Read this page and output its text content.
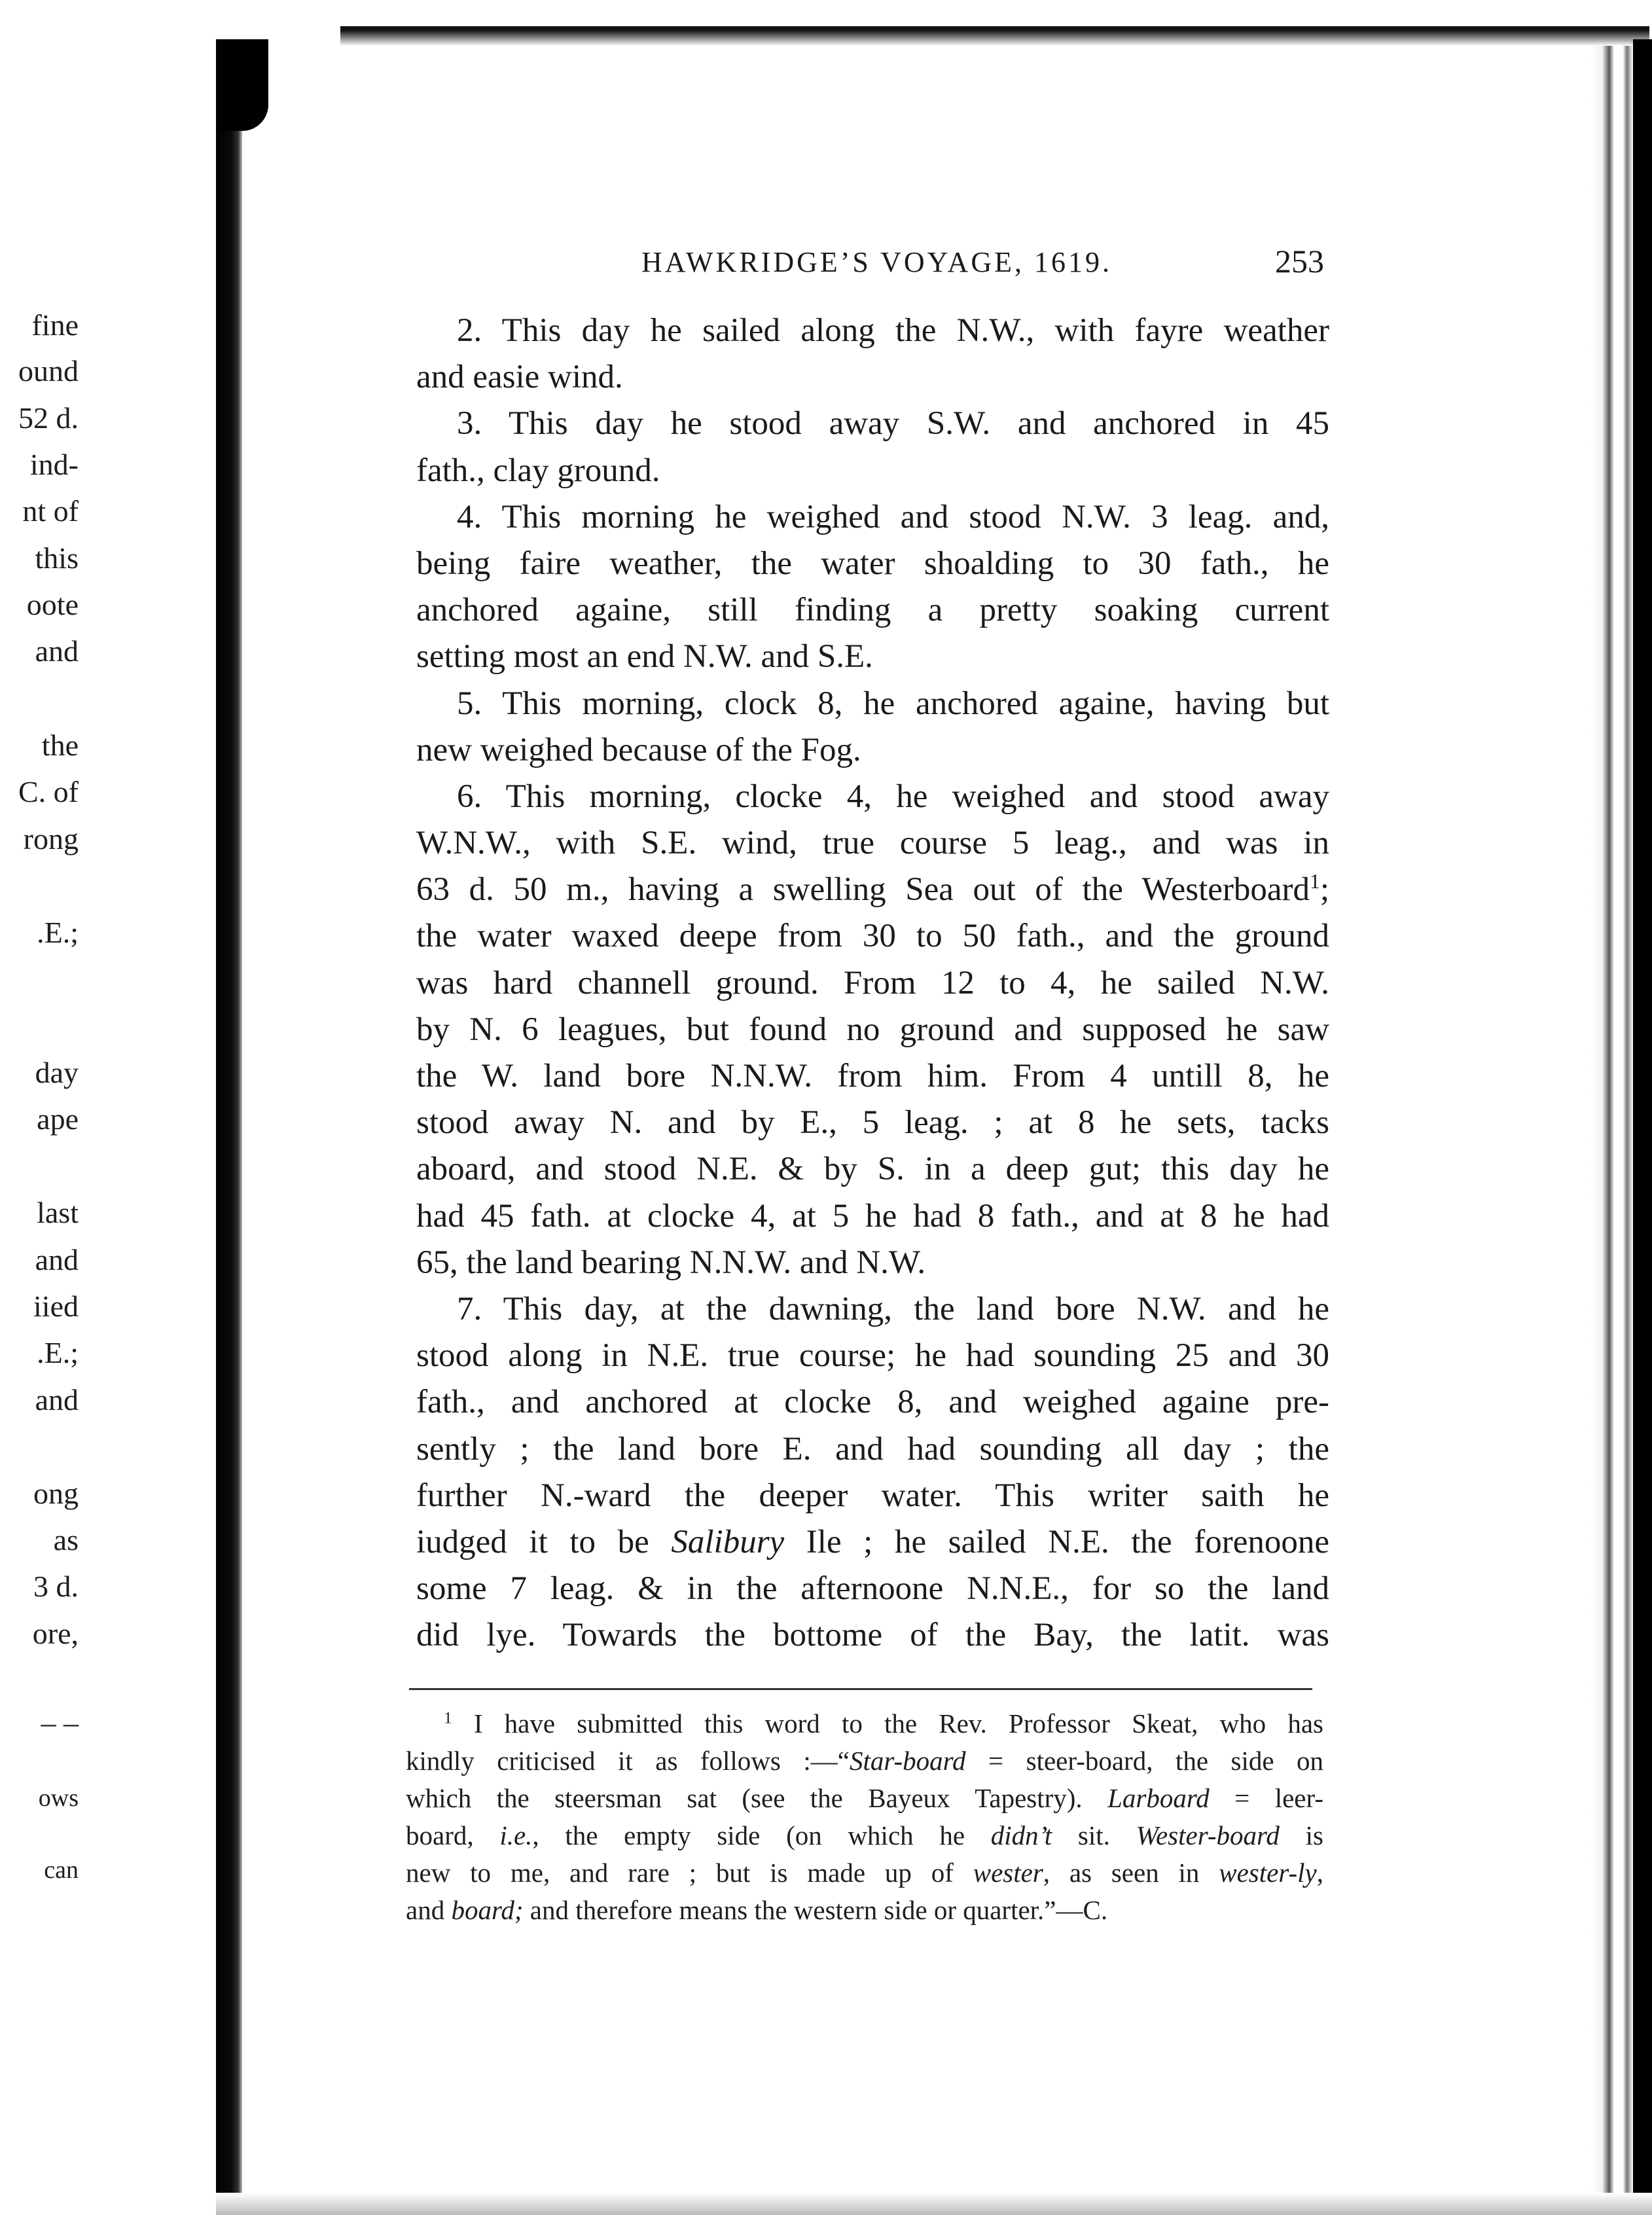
fine
ound
52 d.
ind-
nt of
this
oote
and
the
C. of
rong
.E.;
day
ape
last
and
iied
.E.;
and
ong
as
3 d.
ore,
– –
ows
can
HAWKRIDGE’S VOYAGE, 1619.	253
2. This day he sailed along the N.W., with fayre weather
and easie wind.
3. This day he stood away S.W. and anchored in 45
fath., clay ground.
4. This morning he weighed and stood N.W. 3 leag. and,
being faire weather, the water shoalding to 30 fath., he
anchored againe, still finding a pretty soaking current
setting most an end N.W. and S.E.
5. This morning, clock 8, he anchored againe, having but
new weighed because of the Fog.
6. This morning, clocke 4, he weighed and stood away
W.N.W., with S.E. wind, true course 5 leag., and was in
63 d. 50 m., having a swelling Sea out of the Westerboard$^1$;
the water waxed deepe from 30 to 50 fath., and the ground
was hard channell ground. From 12 to 4, he sailed N.W.
by N. 6 leagues, but found no ground and supposed he saw
the W. land bore N.N.W. from him. From 4 untill 8, he
stood away N. and by E., 5 leag. ; at 8 he sets, tacks
aboard, and stood N.E. & by S. in a deep gut; this day he
had 45 fath. at clocke 4, at 5 he had 8 fath., and at 8 he had
65, the land bearing N.N.W. and N.W.
7. This day, at the dawning, the land bore N.W. and he
stood along in N.E. true course; he had sounding 25 and 30
fath., and anchored at clocke 8, and weighed againe pre-
sently ; the land bore E. and had sounding all day ; the
further N.-ward the deeper water. This writer saith he
iudged it to be Salibury Ile ; he sailed N.E. the forenoone
some 7 leag. & in the afternoone N.N.E., for so the land
did lye. Towards the bottome of the Bay, the latit. was
$^1$ I have submitted this word to the Rev. Professor Skeat, who has
kindly criticised it as follows :—“Star-board = steer-board, the side on
which the steersman sat (see the Bayeux Tapestry). Larboard = leer-
board, i.e., the empty side (on which he didn’t sit. Wester-board is
new to me, and rare ; but is made up of wester, as seen in wester-ly,
and board; and therefore means the western side or quarter.”—C.
